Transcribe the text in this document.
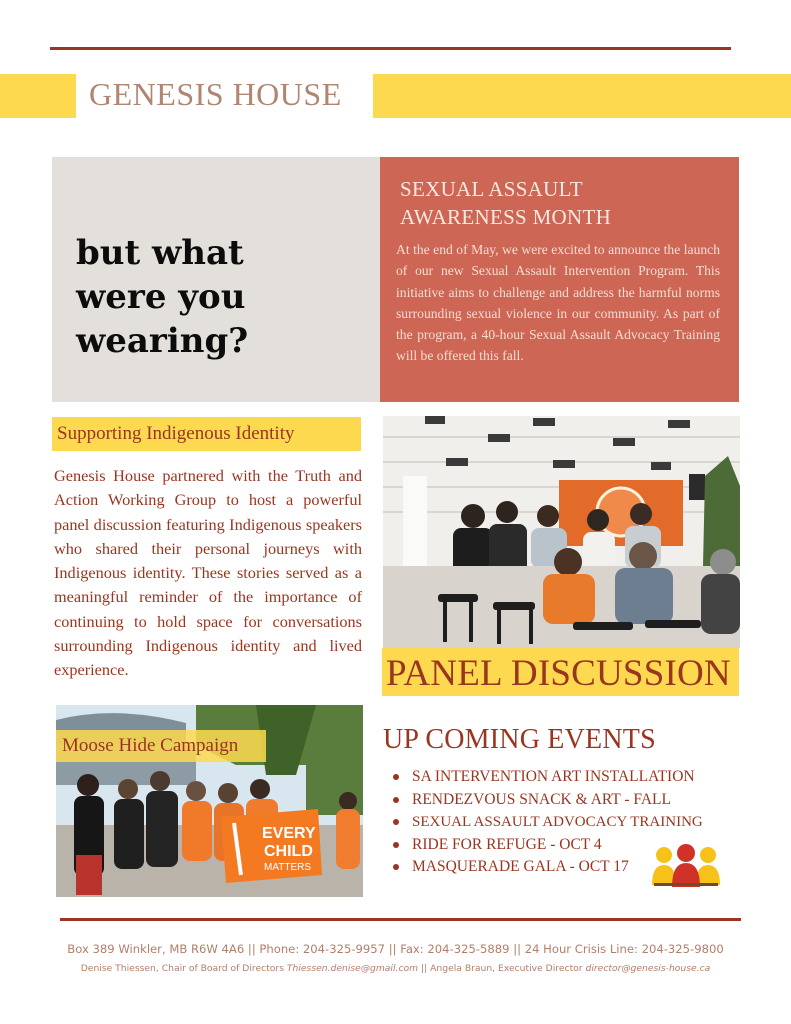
GENESIS HOUSE
but what
were you
wearing?
SEXUAL ASSAULT
AWARENESS MONTH
At the end of May, we were excited to announce the launch of our new Sexual Assault Intervention Program. This initiative aims to challenge and address the harmful norms surrounding sexual violence in our community. As part of the program, a 40-hour Sexual Assault Advocacy Training will be offered this fall.
Supporting Indigenous Identity
Genesis House partnered with the Truth and Action Working Group to host a powerful panel discussion featuring Indigenous speakers who shared their personal journeys with Indigenous identity. These stories served as a meaningful reminder of the importance of continuing to hold space for conversations surrounding Indigenous identity and lived experience.	PANEL DISCUSSION
EVERY
CHILD
MATTERS
Moose Hide Campaign	UP COMING EVENTS
SA INTERVENTION ART INSTALLATION
RENDEZVOUS SNACK & ART - FALL
SEXUAL ASSAULT ADVOCACY TRAINING
RIDE FOR REFUGE - OCT 4
MASQUERADE GALA - OCT 17
Box 389 Winkler, MB R6W 4A6 || Phone: 204-325-9957 || Fax: 204-325-5889 || 24 Hour Crisis Line: 204-325-9800
Denise Thiessen, Chair of Board of Directors Thiessen.denise@gmail.com || Angela Braun, Executive Director director@genesis-house.ca
